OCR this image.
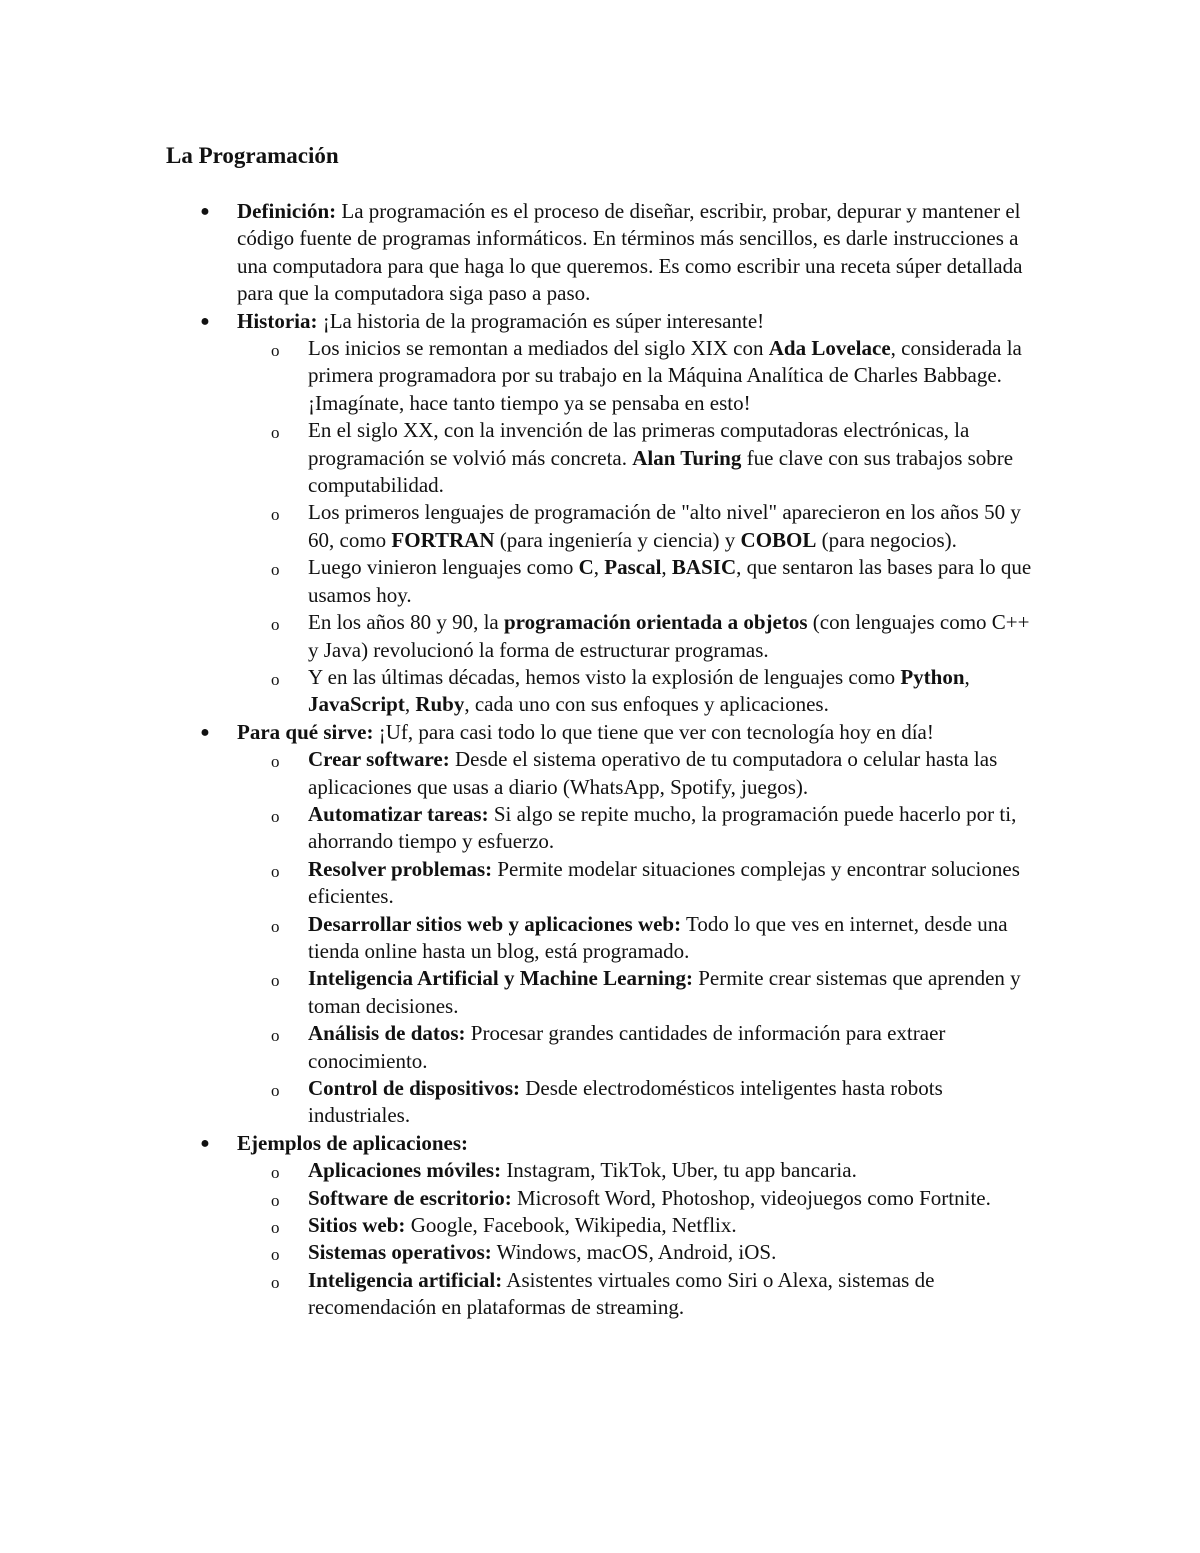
La Programación
● Definición: La programación es el proceso de diseñar, escribir, probar, depurar y mantener el código fuente de programas informáticos. En términos más sencillos, es darle instrucciones a una computadora para que haga lo que queremos. Es como escribir una receta súper detallada para que la computadora siga paso a paso.
● Historia: ¡La historia de la programación es súper interesante!
o Los inicios se remontan a mediados del siglo XIX con Ada Lovelace, considerada la primera programadora por su trabajo en la Máquina Analítica de Charles Babbage. ¡Imagínate, hace tanto tiempo ya se pensaba en esto!
o En el siglo XX, con la invención de las primeras computadoras electrónicas, la programación se volvió más concreta. Alan Turing fue clave con sus trabajos sobre computabilidad.
o Los primeros lenguajes de programación de "alto nivel" aparecieron en los años 50 y 60, como FORTRAN (para ingeniería y ciencia) y COBOL (para negocios).
o Luego vinieron lenguajes como C, Pascal, BASIC, que sentaron las bases para lo que usamos hoy.
o En los años 80 y 90, la programación orientada a objetos (con lenguajes como C++ y Java) revolucionó la forma de estructurar programas.
o Y en las últimas décadas, hemos visto la explosión de lenguajes como Python, JavaScript, Ruby, cada uno con sus enfoques y aplicaciones.
● Para qué sirve: ¡Uf, para casi todo lo que tiene que ver con tecnología hoy en día!
o Crear software: Desde el sistema operativo de tu computadora o celular hasta las aplicaciones que usas a diario (WhatsApp, Spotify, juegos).
o Automatizar tareas: Si algo se repite mucho, la programación puede hacerlo por ti, ahorrando tiempo y esfuerzo.
o Resolver problemas: Permite modelar situaciones complejas y encontrar soluciones eficientes.
o Desarrollar sitios web y aplicaciones web: Todo lo que ves en internet, desde una tienda online hasta un blog, está programado.
o Inteligencia Artificial y Machine Learning: Permite crear sistemas que aprenden y toman decisiones.
o Análisis de datos: Procesar grandes cantidades de información para extraer conocimiento.
o Control de dispositivos: Desde electrodomésticos inteligentes hasta robots industriales.
● Ejemplos de aplicaciones:
o Aplicaciones móviles: Instagram, TikTok, Uber, tu app bancaria.
o Software de escritorio: Microsoft Word, Photoshop, videojuegos como Fortnite.
o Sitios web: Google, Facebook, Wikipedia, Netflix.
o Sistemas operativos: Windows, macOS, Android, iOS.
o Inteligencia artificial: Asistentes virtuales como Siri o Alexa, sistemas de recomendación en plataformas de streaming.
